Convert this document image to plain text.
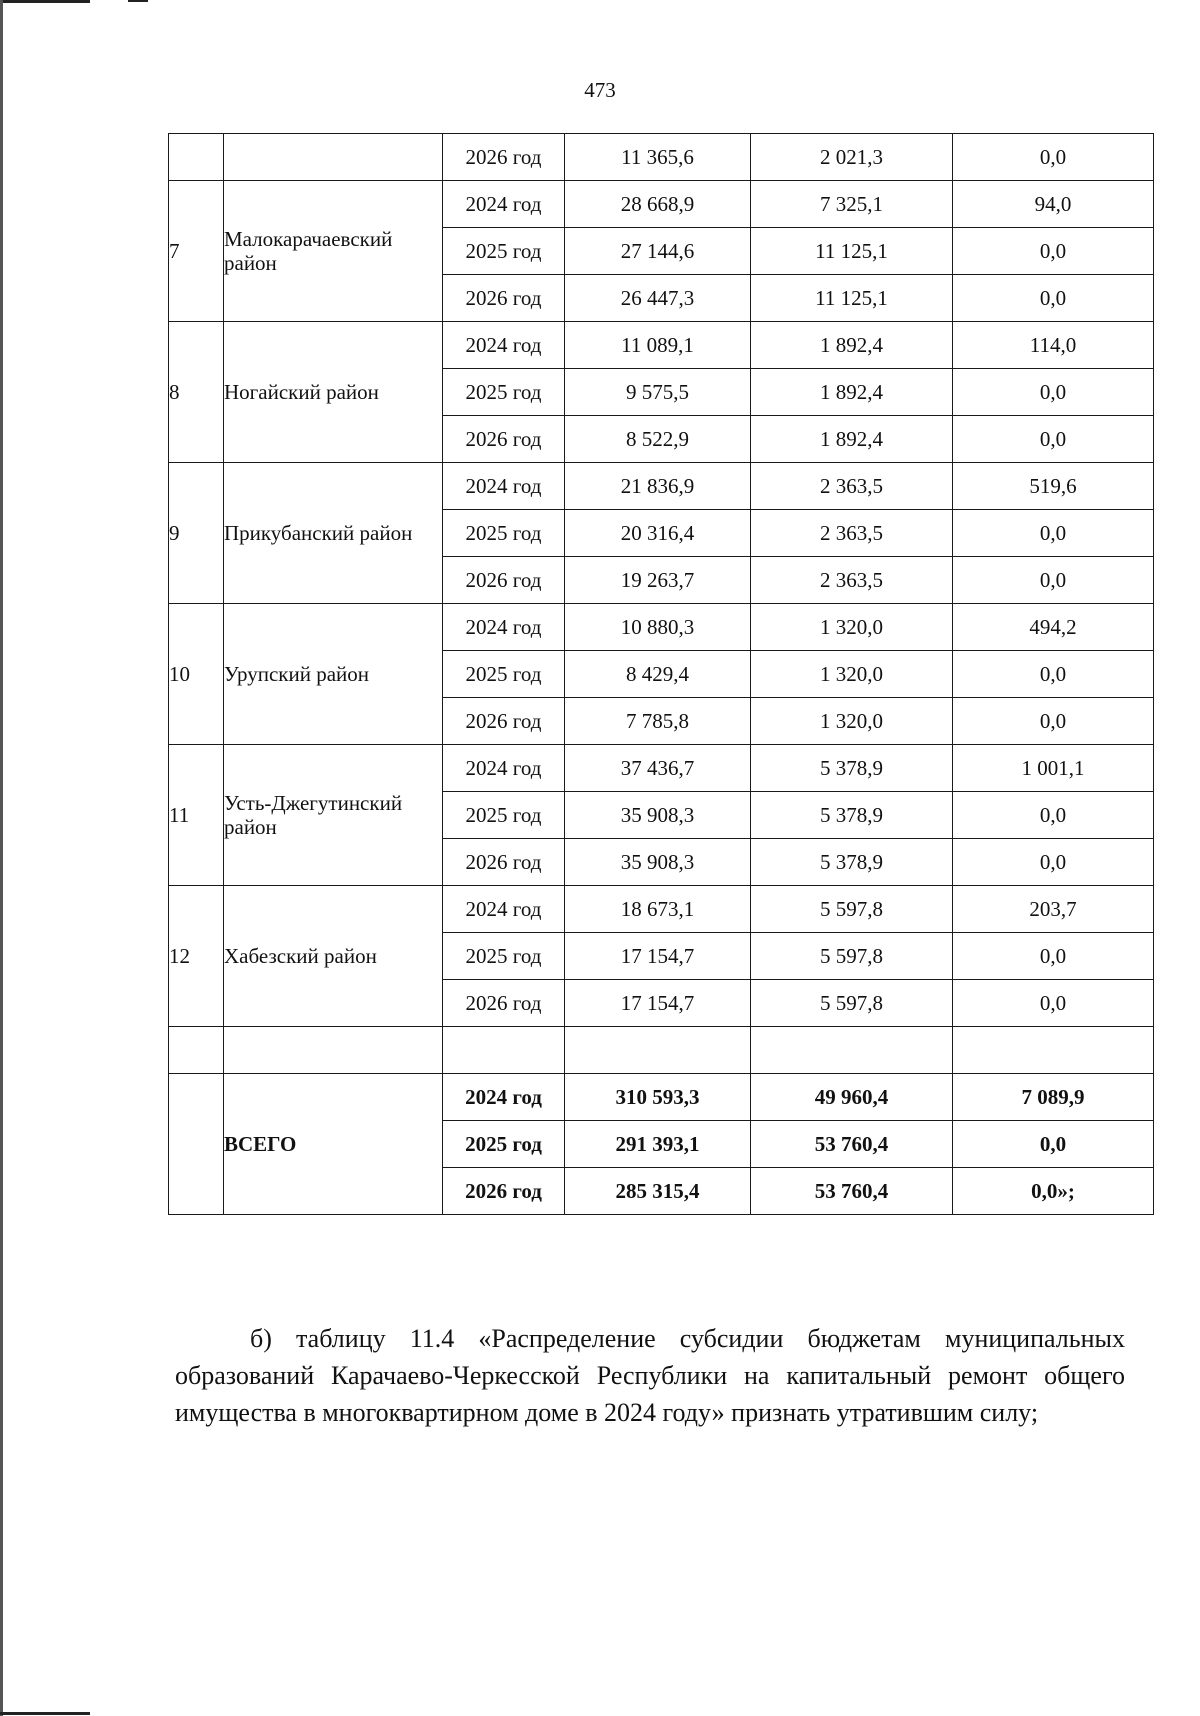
473
		2026 год	11 365,6	2 021,3	0,0
7	Малокарачаевский район	2024 год	28 668,9	7 325,1	94,0
		2025 год	27 144,6	11 125,1	0,0
		2026 год	26 447,3	11 125,1	0,0
8	Ногайский район	2024 год	11 089,1	1 892,4	114,0
		2025 год	9 575,5	1 892,4	0,0
		2026 год	8 522,9	1 892,4	0,0
9	Прикубанский район	2024 год	21 836,9	2 363,5	519,6
		2025 год	20 316,4	2 363,5	0,0
		2026 год	19 263,7	2 363,5	0,0
10	Урупский район	2024 год	10 880,3	1 320,0	494,2
		2025 год	8 429,4	1 320,0	0,0
		2026 год	7 785,8	1 320,0	0,0
11	Усть-Джегутинский район	2024 год	37 436,7	5 378,9	1 001,1
		2025 год	35 908,3	5 378,9	0,0
		2026 год	35 908,3	5 378,9	0,0
12	Хабезский район	2024 год	18 673,1	5 597,8	203,7
		2025 год	17 154,7	5 597,8	0,0
		2026 год	17 154,7	5 597,8	0,0

	ВСЕГО	2024 год	310 593,3	49 960,4	7 089,9
		2025 год	291 393,1	53 760,4	0,0
		2026 год	285 315,4	53 760,4	0,0»;
б) таблицу 11.4 «Распределение субсидии бюджетам муниципальных образований Карачаево-Черкесской Республики на капитальный ремонт общего имущества в многоквартирном доме в 2024 году» признать утратившим силу;
